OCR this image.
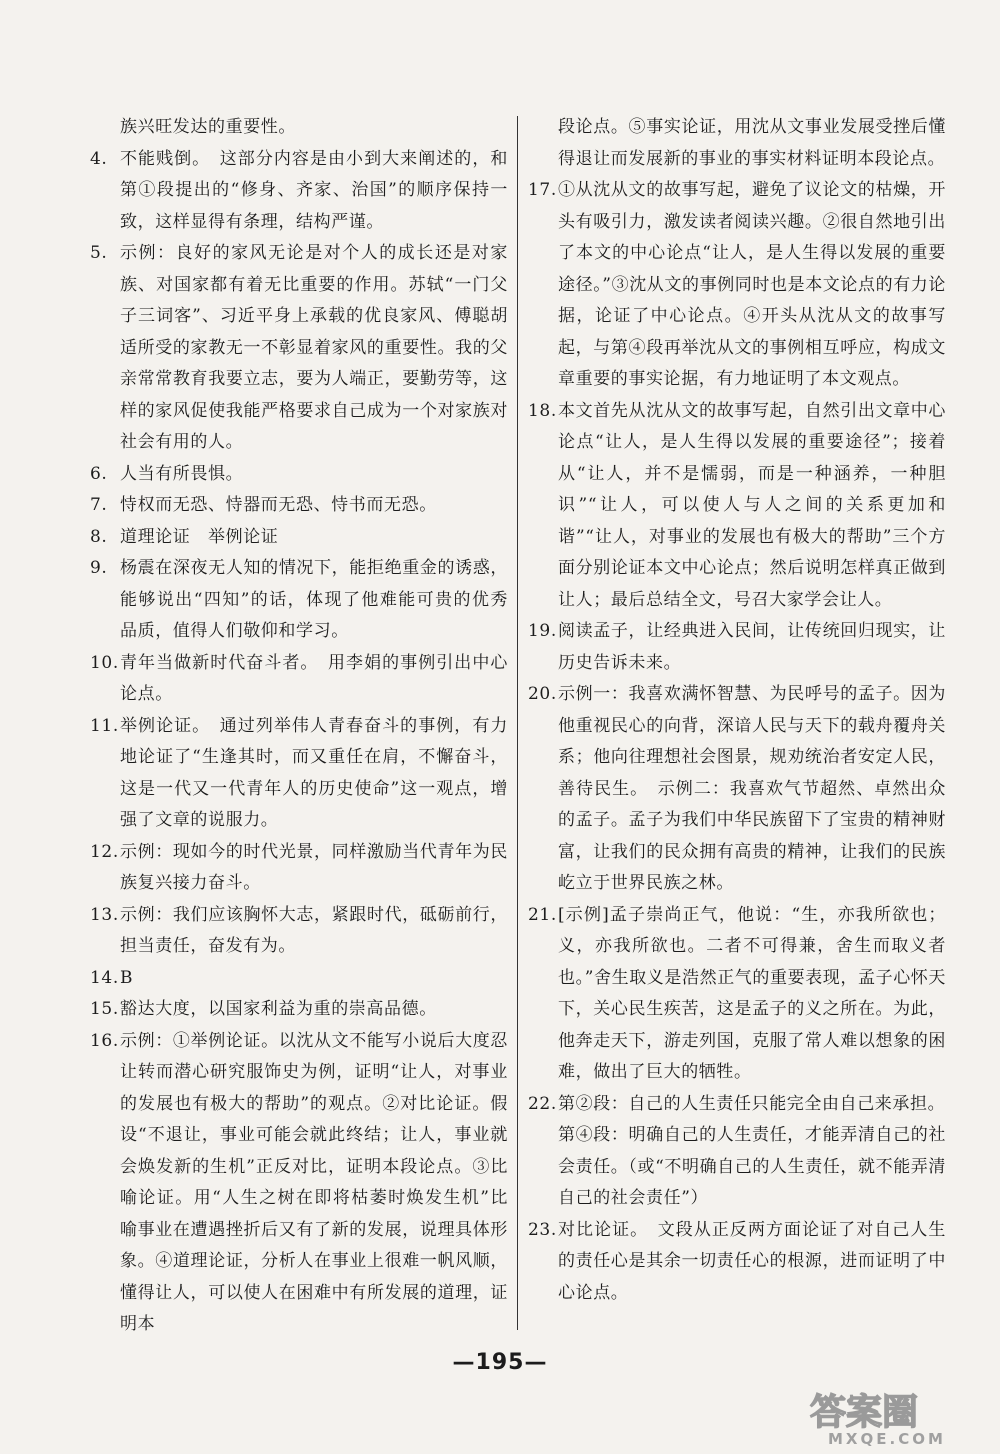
族兴旺发达的重要性。

4. 不能贱倒。　这部分内容是由小到大来阐述的，和第①段提出的“修身、齐家、治国”的顺序保持一致，这样显得有条理，结构严谨。

5. 示例：良好的家风无论是对个人的成长还是对家族、对国家都有着无比重要的作用。苏轼“一门父子三词客”、习近平身上承载的优良家风、傅聪胡适所受的家教无一不彰显着家风的重要性。我的父亲常常教育我要立志，要为人端正，要勤劳等，这样的家风促使我能严格要求自己成为一个对家族对社会有用的人。

6. 人当有所畏惧。

7. 恃权而无恐、恃器而无恐、恃书而无恐。

8. 道理论证　举例论证

9. 杨震在深夜无人知的情况下，能拒绝重金的诱惑，能够说出“四知”的话，体现了他难能可贵的优秀品质，值得人们敬仰和学习。

10. 青年当做新时代奋斗者。　用李娟的事例引出中心论点。

11. 举例论证。　通过列举伟人青春奋斗的事例，有力地论证了“生逢其时，而又重任在肩，不懈奋斗，这是一代又一代青年人的历史使命”这一观点，增强了文章的说服力。

12. 示例：现如今的时代光景，同样激励当代青年为民族复兴接力奋斗。

13. 示例：我们应该胸怀大志，紧跟时代，砥砺前行，担当责任，奋发有为。

14. B

15. 豁达大度，以国家利益为重的崇高品德。

16. 示例：①举例论证。以沈从文不能写小说后大度忍让转而潜心研究服饰史为例，证明“让人，对事业的发展也有极大的帮助”的观点。②对比论证。假设“不退让，事业可能会就此终结；让人，事业就会焕发新的生机”正反对比，证明本段论点。③比喻论证。用“人生之树在即将枯萎时焕发生机”比喻事业在遭遇挫折后又有了新的发展，说理具体形象。④道理论证，分析人在事业上很难一帆风顺，懂得让人，可以使人在困难中有所发展的道理，证明本

段论点。⑤事实论证，用沈从文事业发展受挫后懂得退让而发展新的事业的事实材料证明本段论点。

17. ①从沈从文的故事写起，避免了议论文的枯燥，开头有吸引力，激发读者阅读兴趣。②很自然地引出了本文的中心论点“让人，是人生得以发展的重要途径。”③沈从文的事例同时也是本文论点的有力论据，论证了中心论点。④开头从沈从文的故事写起，与第④段再举沈从文的事例相互呼应，构成文章重要的事实论据，有力地证明了本文观点。

18. 本文首先从沈从文的故事写起，自然引出文章中心论点“让人，是人生得以发展的重要途径”；接着从“让人，并不是懦弱，而是一种涵养，一种胆识”“让人，可以使人与人之间的关系更加和谐”“让人，对事业的发展也有极大的帮助”三个方面分别论证本文中心论点；然后说明怎样真正做到让人；最后总结全文，号召大家学会让人。

19. 阅读孟子，让经典进入民间，让传统回归现实，让历史告诉未来。

20. 示例一：我喜欢满怀智慧、为民呼号的孟子。因为他重视民心的向背，深谙人民与天下的载舟覆舟关系；他向往理想社会图景，规劝统治者安定人民，善待民生。　示例二：我喜欢气节超然、卓然出众的孟子。孟子为我们中华民族留下了宝贵的精神财富，让我们的民众拥有高贵的精神，让我们的民族屹立于世界民族之林。

21. [示例]孟子崇尚正气，他说：“生，亦我所欲也；义，亦我所欲也。二者不可得兼，舍生而取义者也。”舍生取义是浩然正气的重要表现，孟子心怀天下，关心民生疾苦，这是孟子的义之所在。为此，他奔走天下，游走列国，克服了常人难以想象的困难，做出了巨大的牺牲。

22. 第②段：自己的人生责任只能完全由自己来承担。

第④段：明确自己的人生责任，才能弄清自己的社会责任。（或“不明确自己的人生责任，就不能弄清自己的社会责任”）

23. 对比论证。　文段从正反两方面论证了对自己人生的责任心是其余一切责任心的根源，进而证明了中心论点。

—195—
答案圈
MXQE.COM
